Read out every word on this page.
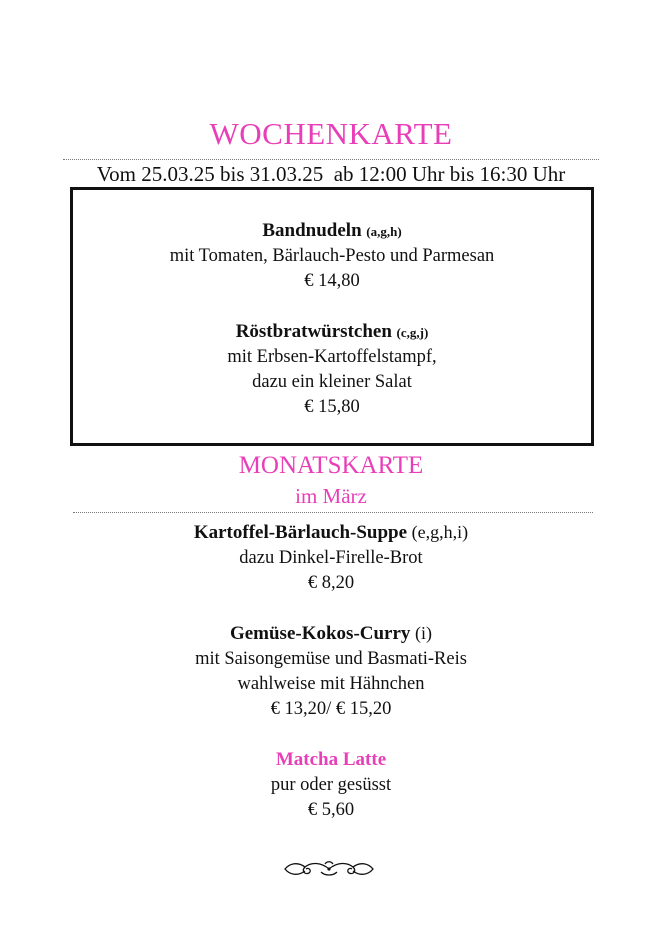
WOCHENKARTE
Vom 25.03.25 bis 31.03.25  ab 12:00 Uhr bis 16:30 Uhr
Bandnudeln (a,g,h)
mit Tomaten, Bärlauch-Pesto und Parmesan
€ 14,80
Röstbratwürstchen (c,g,j)
mit Erbsen-Kartoffelstampf,
dazu ein kleiner Salat
€ 15,80
MONATSKARTE
im März
Kartoffel-Bärlauch-Suppe (e,g,h,i)
dazu Dinkel-Firelle-Brot
€ 8,20
Gemüse-Kokos-Curry (i)
mit Saisongemüse und Basmati-Reis
wahlweise mit Hähnchen
€ 13,20/ € 15,20
Matcha Latte
pur oder gesüsst
€ 5,60
